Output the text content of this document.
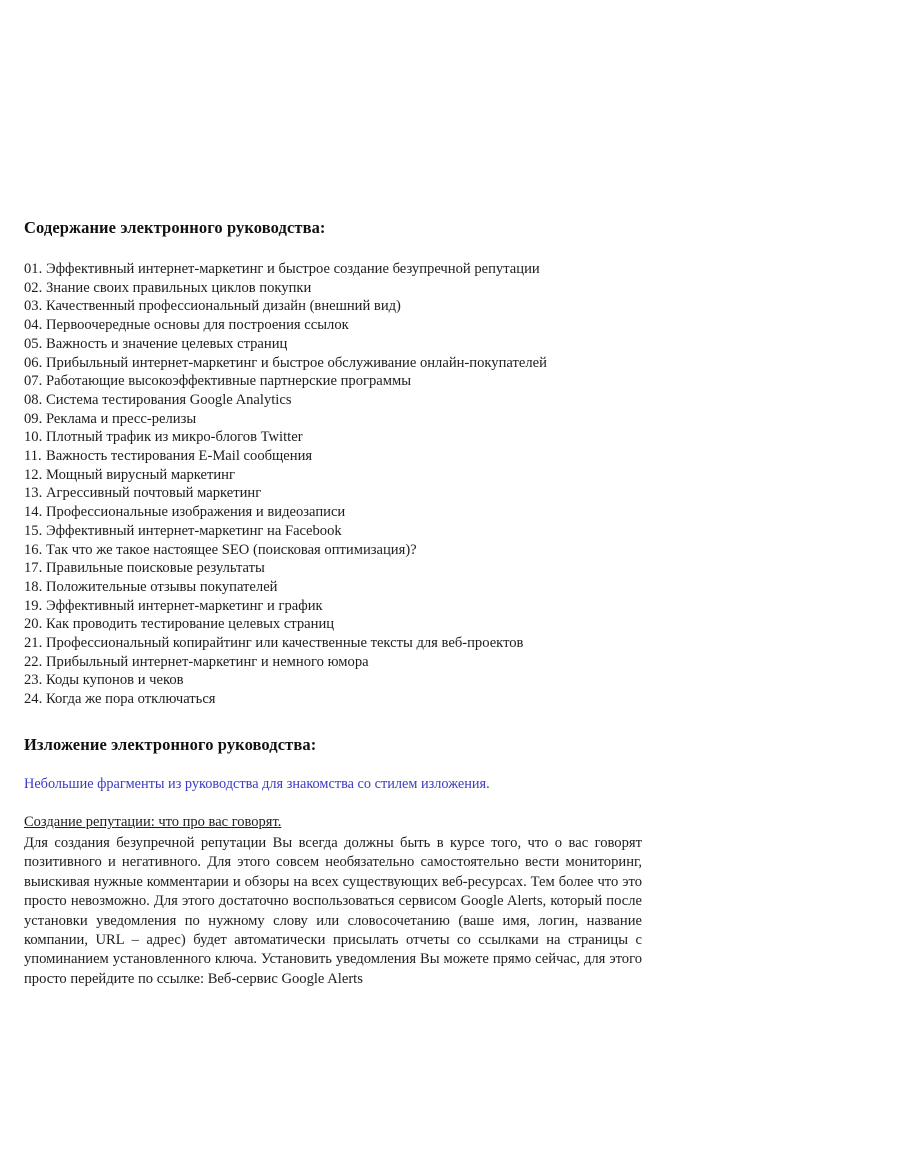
Содержание электронного руководства:
01. Эффективный интернет-маркетинг и быстрое создание безупречной репутации
02. Знание своих правильных циклов покупки
03. Качественный профессиональный дизайн (внешний вид)
04. Первоочередные основы для построения ссылок
05. Важность и значение целевых страниц
06. Прибыльный интернет-маркетинг и быстрое обслуживание онлайн-покупателей
07. Работающие высокоэффективные партнерские программы
08. Система тестирования Google Analytics
09. Реклама и пресс-релизы
10. Плотный трафик из микро-блогов Twitter
11. Важность тестирования E-Mail сообщения
12. Мощный вирусный маркетинг
13. Агрессивный почтовый маркетинг
14. Профессиональные изображения и видеозаписи
15. Эффективный интернет-маркетинг на Facebook
16. Так что же такое настоящее SEO (поисковая оптимизация)?
17. Правильные поисковые результаты
18. Положительные отзывы покупателей
19. Эффективный интернет-маркетинг и график
20. Как проводить тестирование целевых страниц
21. Профессиональный копирайтинг или качественные тексты для веб-проектов
22. Прибыльный интернет-маркетинг и немного юмора
23. Коды купонов и чеков
24. Когда же пора отключаться
Изложение электронного руководства:

Небольшие фрагменты из руководства для знакомства со стилем изложения.

Создание репутации: что про вас говорят.

Для создания безупречной репутации Вы всегда должны быть в курсе того, что о вас говорят позитивного и негативного. Для этого совсем необязательно самостоятельно вести мониторинг, выискивая нужные комментарии и обзоры на всех существующих веб-ресурсах. Тем более что это просто невозможно. Для этого достаточно воспользоваться сервисом Google Alerts, который после установки уведомления по нужному слову или словосочетанию (ваше имя, логин, название компании, URL – адрес) будет автоматически присылать отчеты со ссылками на страницы с упоминанием установленного ключа. Установить уведомления Вы можете прямо сейчас, для этого просто перейдите по ссылке: Веб-сервис Google Alerts
